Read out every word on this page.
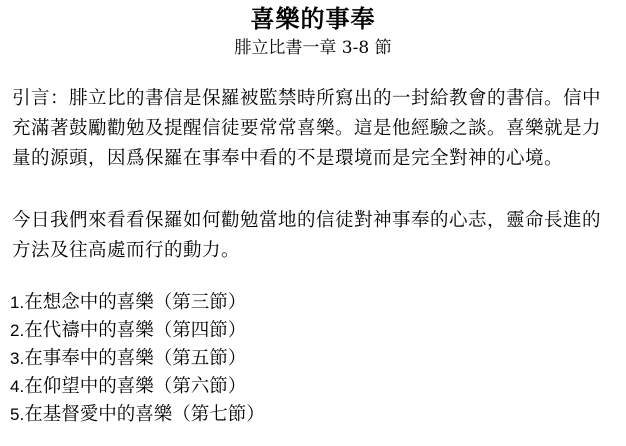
喜樂的事奉
腓立比書一章 3-8 節

引言：腓立比的書信是保羅被監禁時所寫出的一封給教會的書信。信中充滿著鼓勵勸勉及提醒信徒要常常喜樂。這是他經驗之談。喜樂就是力量的源頭，因爲保羅在事奉中看的不是環境而是完全對神的心境。

今日我們來看看保羅如何勸勉當地的信徒對神事奉的心志，靈命長進的方法及往高處而行的動力。

1.在想念中的喜樂（第三節）
2.在代禱中的喜樂（第四節）
3.在事奉中的喜樂（第五節）
4.在仰望中的喜樂（第六節）
5.在基督愛中的喜樂（第七節）
